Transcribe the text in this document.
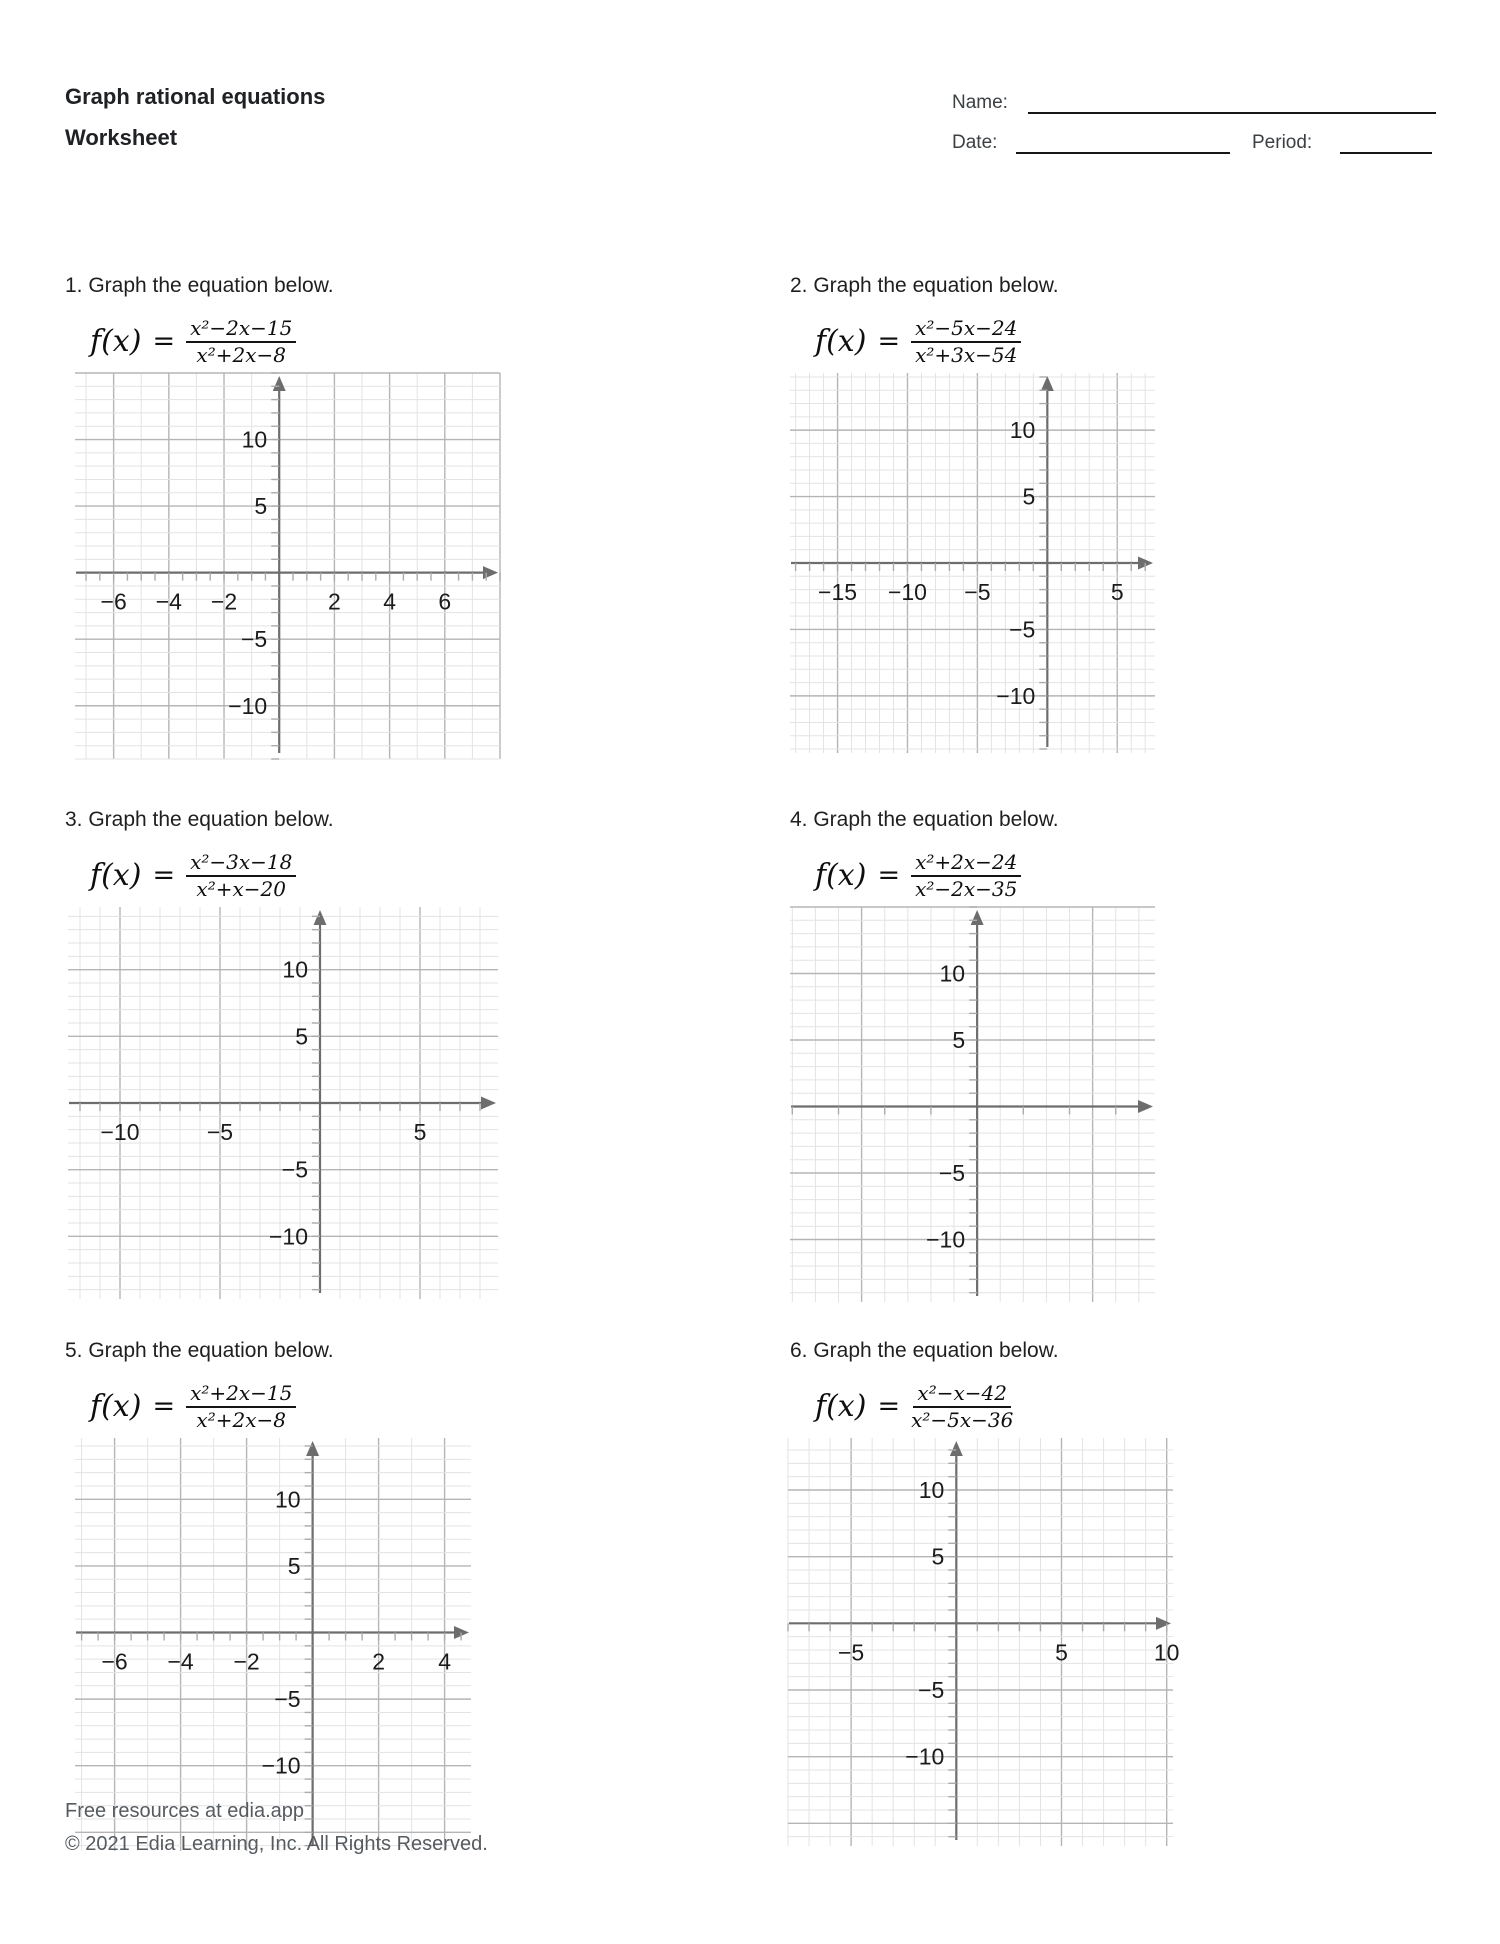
Graph rational equations
Worksheet
Name:
Date:	Period:
1. Graph the equation below.
$f(x) = \frac{\text{x²−2x−15}}{\text{x²+2x−8}}$
−6 −4 −2	2 4 6
10
5
−5
−10
2. Graph the equation below.
$f(x) = \frac{\text{x²−5x−24}}{\text{x²+3x−54}}$
−15 −10 −5	5
10
5
−5
−10
3. Graph the equation below.
$f(x) = \frac{\text{x²−3x−18}}{\text{x²+x−20}}$
−10	−5	5
10
5
−5
−10
4. Graph the equation below.
$f(x) = \frac{\text{x²+2x−24}}{\text{x²−2x−35}}$
10
5
−5
−10
5. Graph the equation below.
$f(x) = \frac{\text{x²+2x−15}}{\text{x²+2x−8}}$
−6 −4 −2	2 4
10
5
−5
−10
6. Graph the equation below.
$f(x) = \frac{\text{x²−x−42}}{\text{x²−5x−36}}$
−5	5	10
10
5
−5
−10
Free resources at edia.app
© 2021 Edia Learning, Inc. All Rights Reserved.
